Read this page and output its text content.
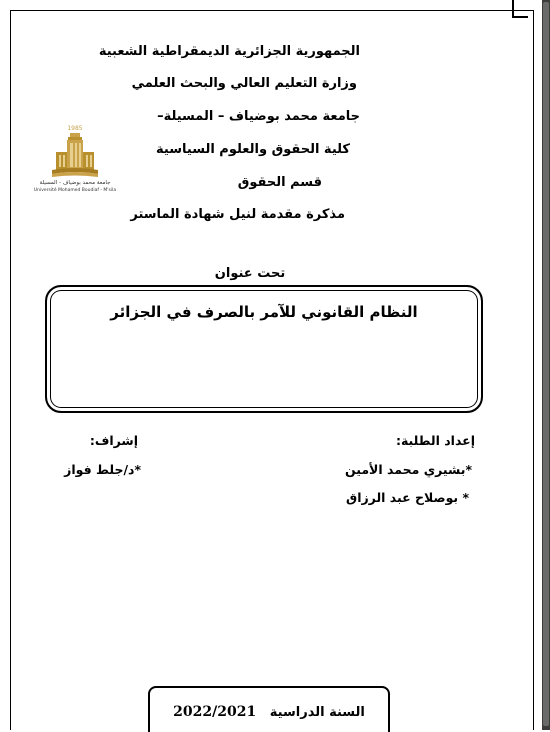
الجمهورية الجزائرية الديمقراطية الشعبية
وزارة التعليم العالي والبحث العلمي
جامعة محمد بوضياف – المسيلة–
كلية الحقوق والعلوم السياسية
قسم الحقوق
مذكرة مقدمة لنيل شهادة الماستر
1985
جامعة محمد بوضياف - المسيلة
Université Mohamed Boudiaf - M'sila
تحت عنوان
النظام القانوني للآمر بالصرف في الجزائر
إعداد الطلبة:
*بشيري محمد الأمين
* بوصلاح عبد الرزاق
إشراف:
*د/جلط فواز
السنة الدراسية   2022/2021
